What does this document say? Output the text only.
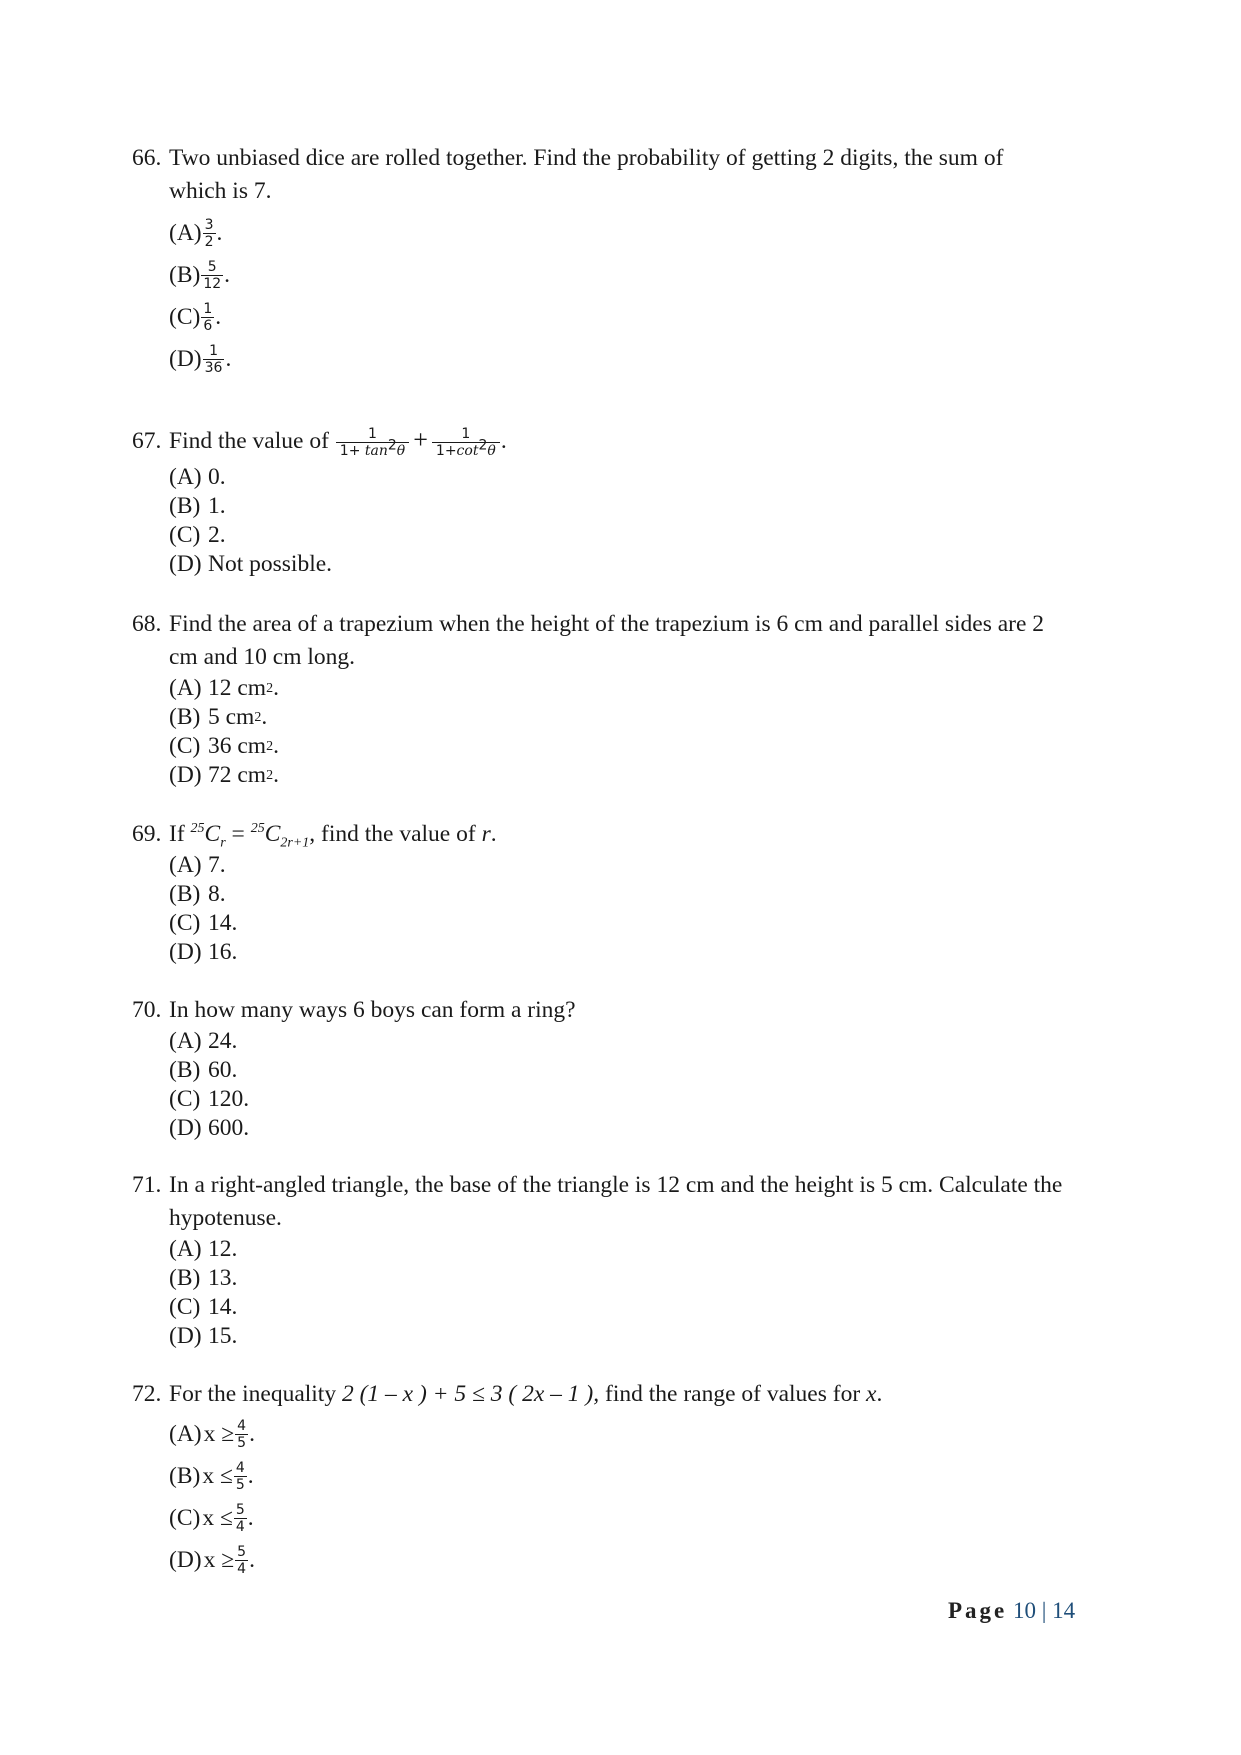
66. Two unbiased dice are rolled together. Find the probability of getting 2 digits, the sum of
which is 7.
$(A) \frac{3}{2}$ .
$(B) \frac{5}{12}$ .
$(C) \frac{1}{6}$ .
$(D) \frac{1}{36}$ .
67. Find the value of $\frac{1}{1+ \tan^2\theta} + \frac{1}{1+\cot^2\theta}$ .
(A) 0.
(B) 1.
(C) 2.
(D) Not possible.
68. Find the area of a trapezium when the height of the trapezium is 6 cm and parallel sides are 2
cm and 10 cm long.
(A) 12 cm 2 .
(B) 5 cm 2 .
(C) 36 cm 2 .
(D) 72 cm 2 .
69. If $^{25}C_r = ^{25}C_{2r+1}$, find the value of r.
(A) 7.
(B) 8.
(C) 14.
(D) 16.
70. In how many ways 6 boys can form a ring?
(A) 24.
(B) 60.
(C) 120.
(D) 600.
71. In a right-angled triangle, the base of the triangle is 12 cm and the height is 5 cm. Calculate the
hypotenuse.
(A) 12.
(B) 13.
(C) 14.
(D) 15.
72. For the inequality 2 (1 – x ) + 5 ≤ 3 ( 2x – 1 ), find the range of values for x.
(A) $x \ge \frac{4}{5}$ .
(B) $x \le \frac{4}{5}$ .
(C) $x \le \frac{5}{4}$ .
(D) $x \ge \frac{5}{4}$ .
Page 10 | 14
